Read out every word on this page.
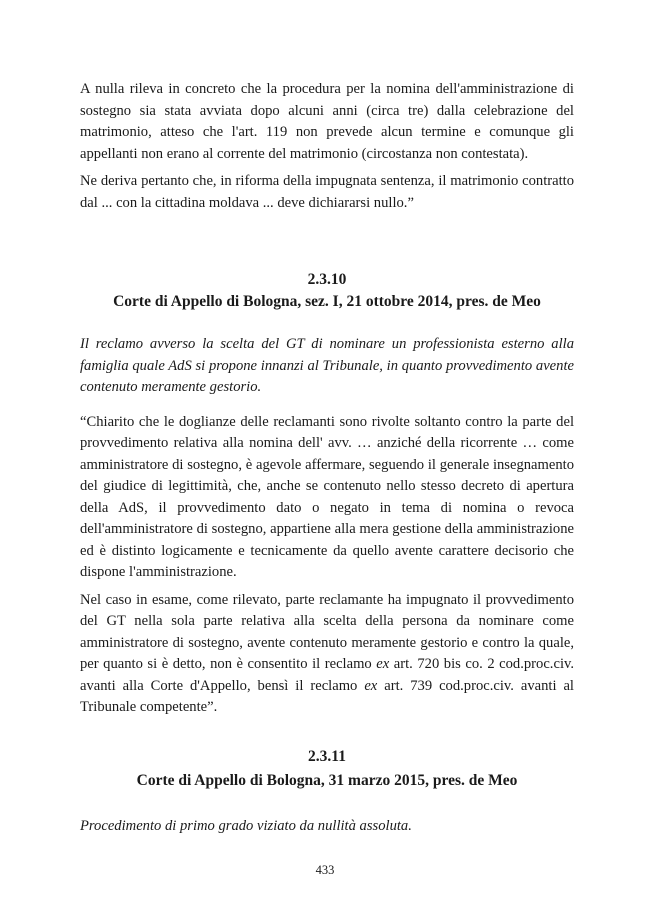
A nulla rileva in concreto che la procedura per la nomina dell'amministrazione di sostegno sia stata avviata dopo alcuni anni (circa tre) dalla celebrazione del matrimonio, atteso che l'art. 119 non prevede alcun termine e comunque gli appellanti non erano al corrente del matrimonio (circostanza non contestata).

Ne deriva pertanto che, in riforma della impugnata sentenza, il matrimonio contratto dal ... con la cittadina moldava ... deve dichiararsi nullo.”

2.3.10

Corte di Appello di Bologna, sez. I, 21 ottobre 2014, pres. de Meo

Il reclamo avverso la scelta del GT di nominare un professionista esterno alla famiglia quale AdS si propone innanzi al Tribunale, in quanto provvedimento avente contenuto meramente gestorio.

“Chiarito che le doglianze delle reclamanti sono rivolte soltanto contro la parte del provvedimento relativa alla nomina dell' avv. … anziché della ricorrente … come amministratore di sostegno, è agevole affermare, seguendo il generale insegnamento del giudice di legittimità, che, anche se contenuto nello stesso decreto di apertura della AdS, il provvedimento dato o negato in tema di nomina o revoca dell'amministratore di sostegno, appartiene alla mera gestione della amministrazione ed è distinto logicamente e tecnicamente da quello avente carattere decisorio che dispone l'amministrazione.

Nel caso in esame, come rilevato, parte reclamante ha impugnato il provvedimento del GT nella sola parte relativa alla scelta della persona da nominare come amministratore di sostegno, avente contenuto meramente gestorio e contro la quale, per quanto si è detto, non è consentito il reclamo ex art. 720 bis co. 2 cod.proc.civ. avanti alla Corte d'Appello, bensì il reclamo ex art. 739 cod.proc.civ. avanti al Tribunale competente”.

2.3.11

Corte di Appello di Bologna, 31 marzo 2015, pres. de Meo

Procedimento di primo grado viziato da nullità assoluta.

433
